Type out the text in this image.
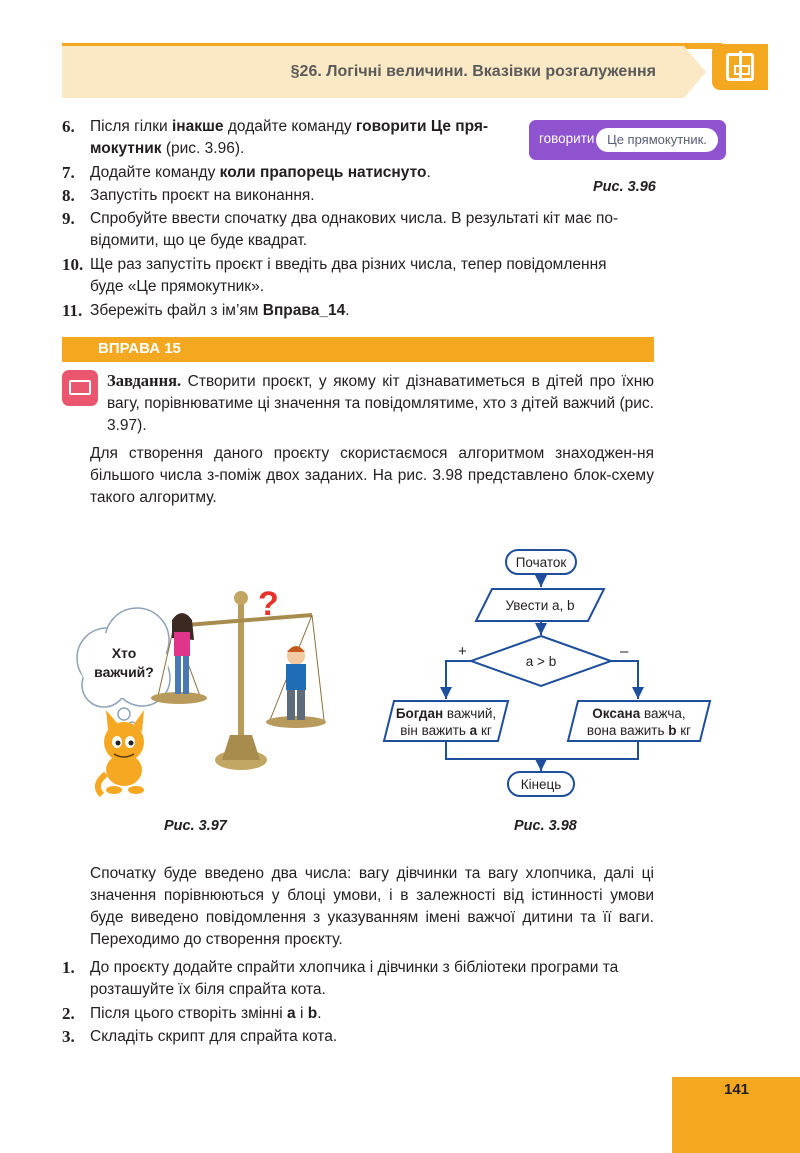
§26. Логічні величини. Вказівки розгалуження
6. Після гілки інакше додайте команду говорити Це пря-
мокутник (рис. 3.96).
7. Додайте команду коли прапорець натиснуто.
8. Запустіть проєкт на виконання.
9. Спробуйте ввести спочатку два однакових числа. В результаті кіт має по-
відомити, що це буде квадрат.
10. Ще раз запустіть проєкт і введіть два різних числа, тепер повідомлення
буде «Це прямокутник».
11. Збережіть файл з ім’ям Вправа_14.
говорити Це прямокутник.
Рис. 3.96
ВПРАВА 15
Завдання. Створити проєкт, у якому кіт дізнаватиметься в дітей про їхню вагу, порівнюватиме ці значення та повідомлятиме, хто з дітей важчий (рис. 3.97).
Для створення даного проєкту скористаємося алгоритмом знаходжен-ня більшого числа з-поміж двох заданих. На рис. 3.98 представлено блок-схему такого алгоритму.
Хто
важчий?
?
Рис. 3.97
Початок
Увести a, b
a > b
+	–
Богдан важчий,
він важить a кг
Оксана важча,
вона важить b кг
Кінець
Рис. 3.98
Спочатку буде введено два числа: вагу дівчинки та вагу хлопчика, далі ці значення порівнюються у блоці умови, і в залежності від істинності умови буде виведено повідомлення з указуванням імені важчої дитини та її ваги. Переходимо до створення проєкту.
1. До проєкту додайте спрайти хлопчика і дівчинки з бібліотеки програми та
розташуйте їх біля спрайта кота.
2. Після цього створіть змінні a і b.
3. Складіть скрипт для спрайта кота.
141
